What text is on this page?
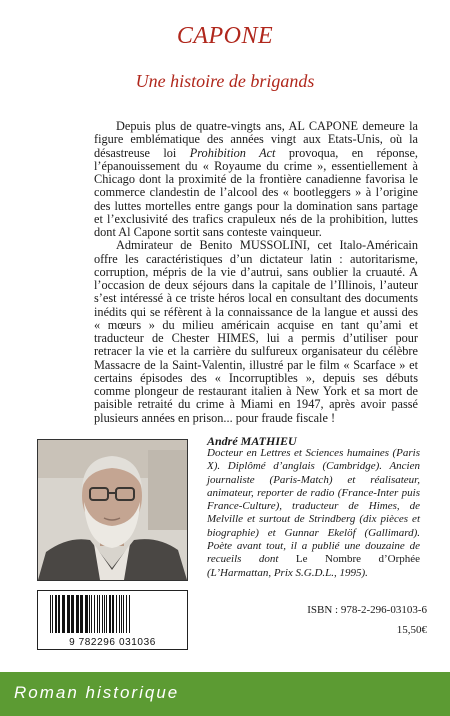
CAPONE
Une histoire de brigands

Depuis plus de quatre-vingts ans, AL CAPONE demeure la figure emblématique des années vingt aux Etats-Unis, où la désastreuse loi Prohibition Act provoqua, en réponse, l’épanouissement du « Royaume du crime », essentiellement à Chicago dont la proximité de la frontière canadienne favorisa le commerce clandestin de l’alcool des « bootleggers » à l’origine des luttes mortelles entre gangs pour la domination sans partage et l’exclusivité des trafics crapuleux nés de la prohibition, luttes dont Al Capone sortit sans conteste vainqueur.

Admirateur de Benito MUSSOLINI, cet Italo-Américain offre les caractéristiques d’un dictateur latin : autoritarisme, corruption, mépris de la vie d’autrui, sans oublier la cruauté. A l’occasion de deux séjours dans la capitale de l’Illinois, l’auteur s’est intéressé à ce triste héros local en consultant des documents inédits qui se réfèrent à la connaissance de la langue et aussi des « mœurs » du milieu américain acquise en tant qu’ami et traducteur de Chester HIMES, lui a permis d’utiliser pour retracer la vie et la carrière du sulfureux organisateur du célèbre Massacre de la Saint-Valentin, illustré par le film « Scarface » et certains épisodes des « Incorruptibles », depuis ses débuts comme plongeur de restaurant italien à New York et sa mort de paisible retraité du crime à Miami en 1947, après avoir passé plusieurs années en prison... pour fraude fiscale !

André MATHIEU
Docteur en Lettres et Sciences humaines (Paris X). Diplômé d’anglais (Cambridge). Ancien journaliste (Paris-Match) et réalisateur, animateur, reporter de radio (France-Inter puis France-Culture), traducteur de Himes, de Melville et surtout de Strindberg (dix pièces et biographie) et Gunnar Ekelöf (Gallimard). Poète avant tout, il a publié une douzaine de recueils dont Le Nombre d’Orphée (L’Harmattan, Prix S.G.D.L., 1995).
9 782296 031036
ISBN : 978-2-296-03103-6
15,50€
Roman historique
